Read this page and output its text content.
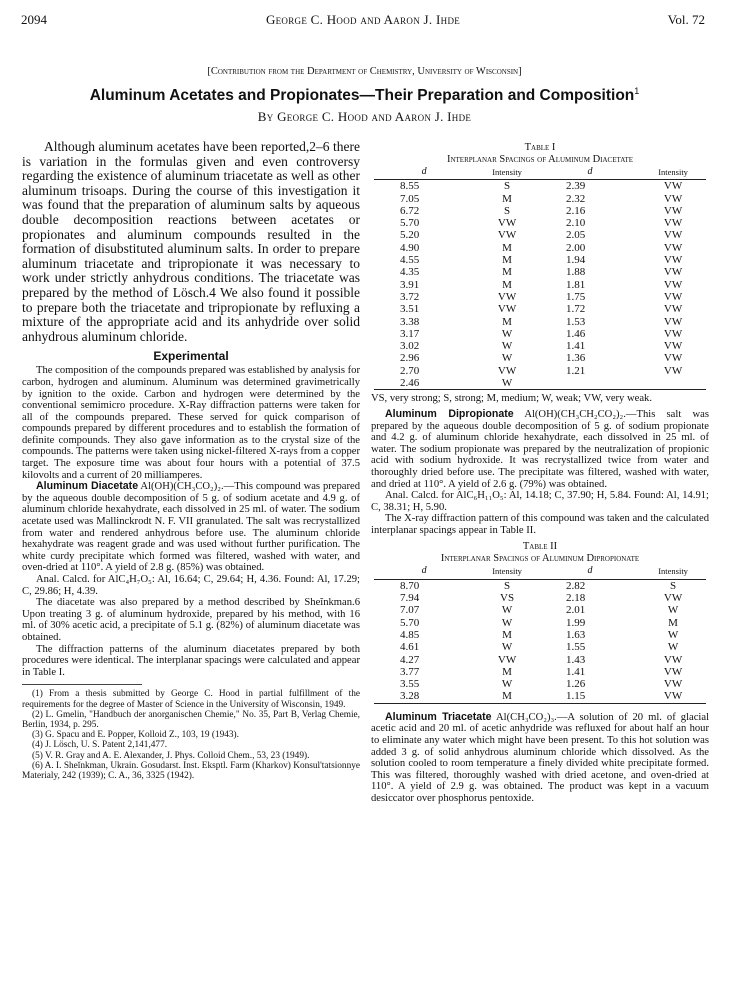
2094	George C. Hood and Aaron J. Ihde	Vol. 72
[Contribution from the Department of Chemistry, University of Wisconsin]
Aluminum Acetates and Propionates—Their Preparation and Composition$^1$
By George C. Hood and Aaron J. Ihde

Although aluminum acetates have been reported,2–6 there is variation in the formulas given and even controversy regarding the existence of aluminum triacetate as well as other aluminum trisoaps. During the course of this investigation it was found that the preparation of aluminum salts by aqueous double decomposition reactions between acetates or propionates and aluminum compounds resulted in the formation of disubstituted aluminum salts. In order to prepare aluminum triacetate and tripropionate it was necessary to work under strictly anhydrous conditions. The triacetate was prepared by the method of Lösch.4 We also found it possible to prepare both the triacetate and tripropionate by refluxing a mixture of the appropriate acid and its anhydride over solid anhydrous aluminum chloride.

Experimental

The composition of the compounds prepared was established by analysis for carbon, hydrogen and aluminum. Aluminum was determined gravimetrically by ignition to the oxide. Carbon and hydrogen were determined by the conventional semimicro procedure. X-Ray diffraction patterns were taken for all of the compounds prepared. These served for quick comparison of compounds prepared by different procedures and to establish the formation of definite compounds. They also gave information as to the crystal size of the compounds. The patterns were taken using nickel-filtered X-rays from a copper target. The exposure time was about four hours with a potential of 37.5 kilovolts and a current of 20 milliamperes.

Aluminum Diacetate Al(OH)(CH₃CO₂)₂.—This compound was prepared by the aqueous double decomposition of 5 g. of sodium acetate and 4.9 g. of aluminum chloride hexahydrate, each dissolved in 25 ml. of water. The sodium acetate used was Mallinckrodt N. F. VII granulated. The salt was recrystallized from water and rendered anhydrous before use. The aluminum chloride hexahydrate was reagent grade and was used without further purification. The white curdy precipitate which formed was filtered, washed with water, and oven-dried at 110°. A yield of 2.8 g. (85%) was obtained.

Anal. Calcd. for AlC₄H₇O₅: Al, 16.64; C, 29.64; H, 4.36. Found: Al, 17.29; C, 29.86; H, 4.39.

The diacetate was also prepared by a method described by Sheĭnkman.6 Upon treating 3 g. of aluminum hydroxide, prepared by his method, with 16 ml. of 30% acetic acid, a precipitate of 5.1 g. (82%) of aluminum diacetate was obtained.

The diffraction patterns of the aluminum diacetates prepared by both procedures were identical. The interplanar spacings were calculated and appear in Table I.

(1) From a thesis submitted by George C. Hood in partial fulfillment of the requirements for the degree of Master of Science in the University of Wisconsin, 1949.

(2) L. Gmelin, "Handbuch der anorganischen Chemie," No. 35, Part B, Verlag Chemie, Berlin, 1934, p. 295.

(3) G. Spacu and E. Popper, Kolloid Z., 103, 19 (1943).

(4) J. Lösch, U. S. Patent 2,141,477.

(5) V. R. Gray and A. E. Alexander, J. Phys. Colloid Chem., 53, 23 (1949).

(6) A. I. Sheĭnkman, Ukrain. Gosudarst. Inst. Eksptl. Farm (Kharkov) Konsul'tatsionnye Materialy, 242 (1939); C. A., 36, 3325 (1942).

Table I
Interplanar Spacings of Aluminum Diacetate
d	Intensity	d	Intensity
8.55	S	2.39	VW
7.05	M	2.32	VW
6.72	S	2.16	VW
5.70	VW	2.10	VW
5.20	VW	2.05	VW
4.90	M	2.00	VW
4.55	M	1.94	VW
4.35	M	1.88	VW
3.91	M	1.81	VW
3.72	VW	1.75	VW
3.51	VW	1.72	VW
3.38	M	1.53	VW
3.17	W	1.46	VW
3.02	W	1.41	VW
2.96	W	1.36	VW
2.70	VW	1.21	VW
2.46	W		

VS, very strong; S, strong; M, medium; W, weak; VW, very weak.

Aluminum Dipropionate Al(OH)(CH₃CH₂CO₂)₂.—This salt was prepared by the aqueous double decomposition of 5 g. of sodium propionate and 4.2 g. of aluminum chloride hexahydrate, each dissolved in 25 ml. of water. The sodium propionate was prepared by the neutralization of propionic acid with sodium hydroxide. It was recrystallized twice from water and thoroughly dried before use. The precipitate was filtered, washed with water, and dried at 110°. A yield of 2.6 g. (79%) was obtained.

Anal. Calcd. for AlC₆H₁₁O₅: Al, 14.18; C, 37.90; H, 5.84. Found: Al, 14.91; C, 38.31; H, 5.90.

The X-ray diffraction pattern of this compound was taken and the calculated interplanar spacings appear in Table II.

Table II
Interplanar Spacings of Aluminum Dipropionate
d	Intensity	d	Intensity
8.70	S	2.82	S
7.94	VS	2.18	VW
7.07	W	2.01	W
5.70	W	1.99	M
4.85	M	1.63	W
4.61	W	1.55	W
4.27	VW	1.43	VW
3.77	M	1.41	VW
3.55	W	1.26	VW
3.28	M	1.15	VW

Aluminum Triacetate Al(CH₃CO₂)₃.—A solution of 20 ml. of glacial acetic acid and 20 ml. of acetic anhydride was refluxed for about half an hour to eliminate any water which might have been present. To this hot solution was added 3 g. of solid anhydrous aluminum chloride which dissolved. As the solution cooled to room temperature a finely divided white precipitate formed. This was filtered, thoroughly washed with dried acetone, and oven-dried at 110°. A yield of 2.9 g. was obtained. The product was kept in a vacuum desiccator over phosphorus pentoxide.
